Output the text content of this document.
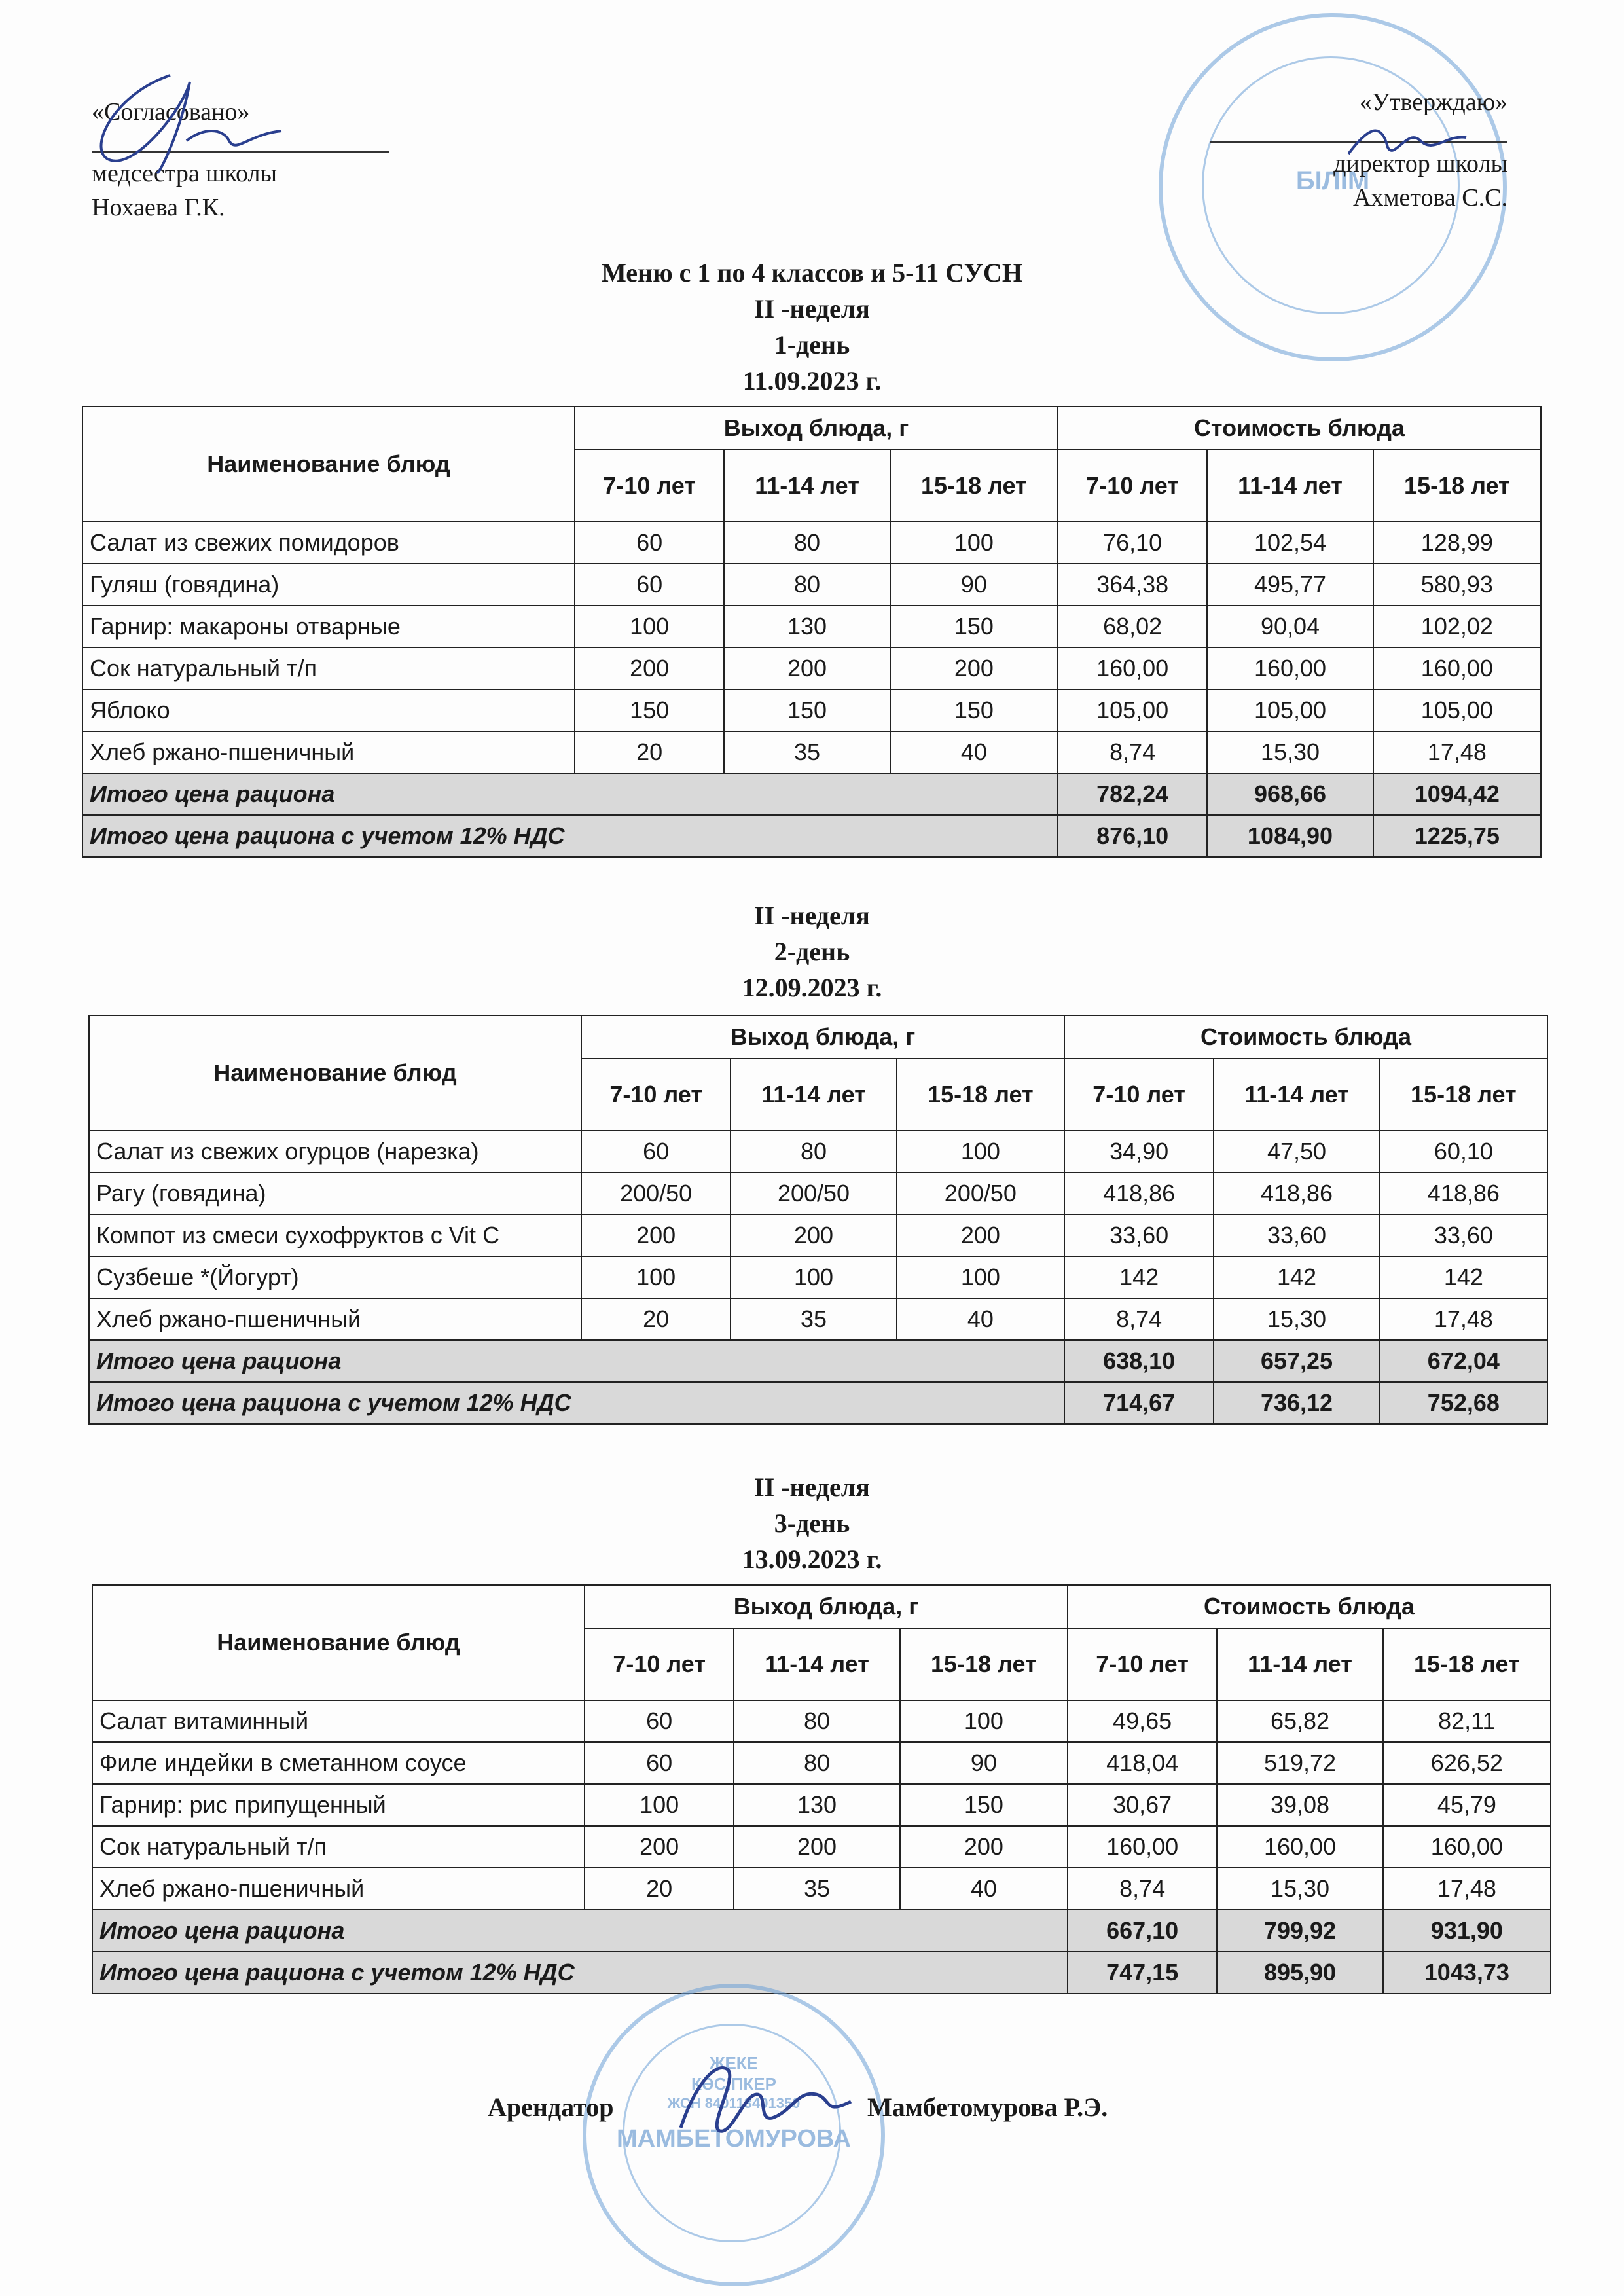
БІЛІМ
«Согласовано»
медсестра школы
Нохаева Г.К.
«Утверждаю»
директор школы
Ахметова С.С.
Меню с 1 по 4 классов и 5-11 СУСН
II -неделя
1-день
11.09.2023 г.
Наименование блюд	Выход блюда, г			Стоимость блюда		
	7-10 лет	11-14 лет	15-18 лет	7-10 лет	11-14 лет	15-18 лет
Салат из свежих помидоров	60	80	100	76,10	102,54	128,99
Гуляш (говядина)	60	80	90	364,38	495,77	580,93
Гарнир: макароны отварные	100	130	150	68,02	90,04	102,02
Сок натуральный т/п	200	200	200	160,00	160,00	160,00
Яблоко	150	150	150	105,00	105,00	105,00
Хлеб ржано-пшеничный	20	35	40	8,74	15,30	17,48
Итого цена рациона				782,24	968,66	1094,42
Итого цена рациона с учетом 12% НДС				876,10	1084,90	1225,75
II -неделя
2-день
12.09.2023 г.
Наименование блюд	Выход блюда, г			Стоимость блюда		
	7-10 лет	11-14 лет	15-18 лет	7-10 лет	11-14 лет	15-18 лет
Салат из свежих огурцов (нарезка)	60	80	100	34,90	47,50	60,10
Рагу (говядина)	200/50	200/50	200/50	418,86	418,86	418,86
Компот из смеси сухофруктов с Vit C	200	200	200	33,60	33,60	33,60
Сузбеше *(Йогурт)	100	100	100	142	142	142
Хлеб ржано-пшеничный	20	35	40	8,74	15,30	17,48
Итого цена рациона				638,10	657,25	672,04
Итого цена рациона с учетом 12% НДС				714,67	736,12	752,68
II -неделя
3-день
13.09.2023 г.
Наименование блюд	Выход блюда, г			Стоимость блюда		
	7-10 лет	11-14 лет	15-18 лет	7-10 лет	11-14 лет	15-18 лет
Салат витаминный	60	80	100	49,65	65,82	82,11
Филе индейки в сметанном соусе	60	80	90	418,04	519,72	626,52
Гарнир: рис припущенный	100	130	150	30,67	39,08	45,79
Сок натуральный т/п	200	200	200	160,00	160,00	160,00
Хлеб ржано-пшеничный	20	35	40	8,74	15,30	17,48
Итого цена рациона				667,10	799,92	931,90
Итого цена рациона с учетом 12% НДС				747,15	895,90	1043,73
ЖЕКЕ
КӘСІПКЕР
ЖСН 840113401350
МАМБЕТОМУРОВА
Арендатор	Мамбетомурова Р.Э.
